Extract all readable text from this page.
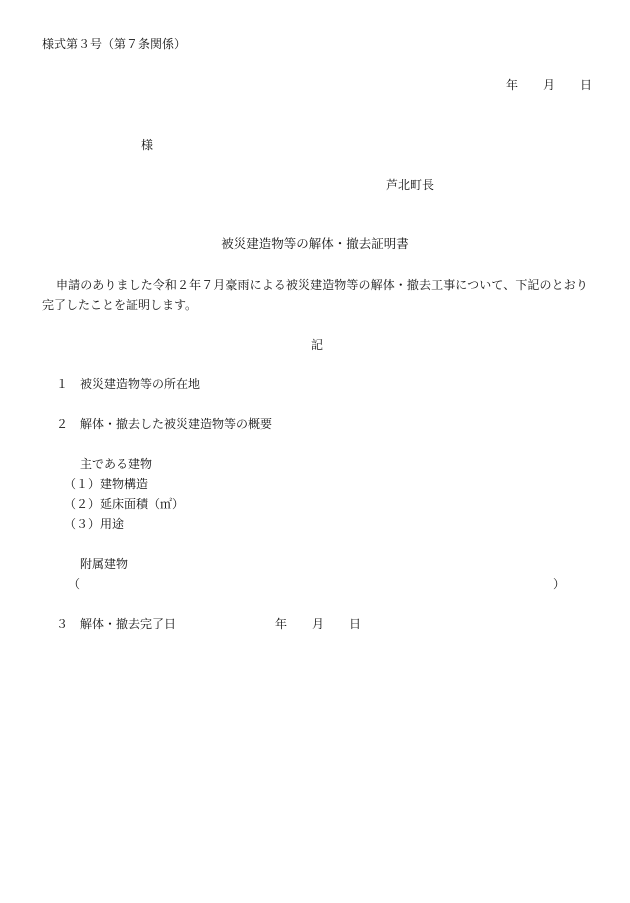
様式第３号（第７条関係）
年 月 日
様
芦北町長
被災建造物等の解体・撤去証明書
申請のありました令和２年７月豪雨による被災建造物等の解体・撤去工事について、下記のとおり
完了したことを証明します。
記
１ 被災建造物等の所在地
２ 解体・撤去した被災建造物等の概要
主である建物
（１）建物構造
（２）延床面積（㎡）
（３）用途
附属建物
（	）
３ 解体・撤去完了日	年 月 日
